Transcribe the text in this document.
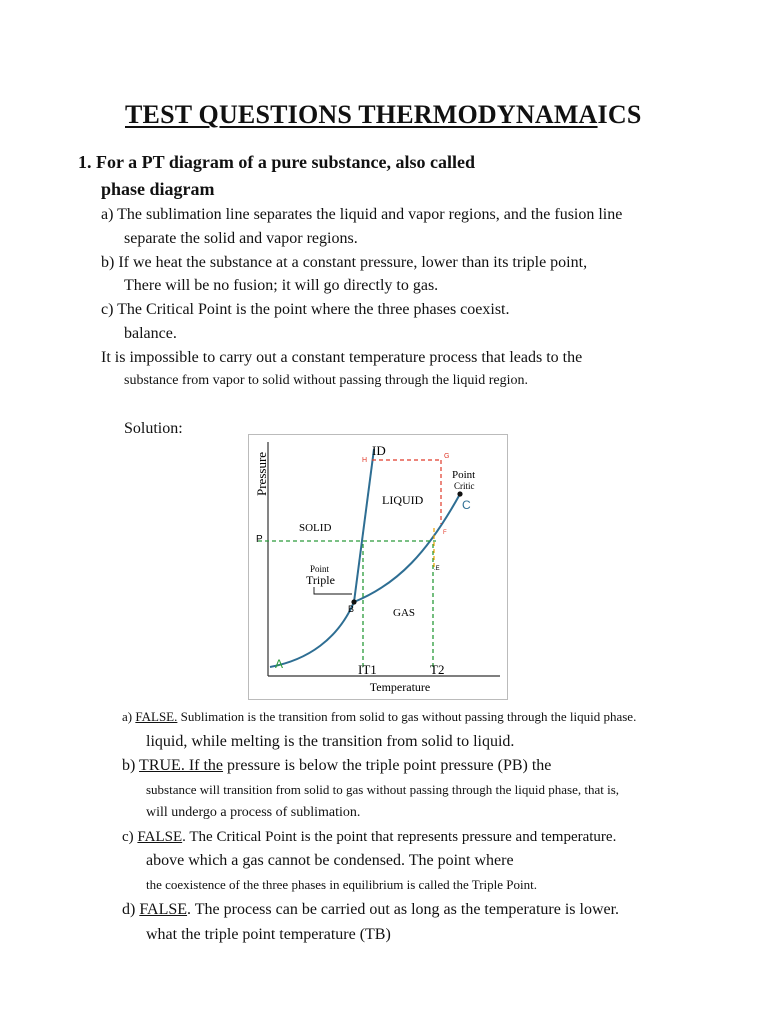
TEST QUESTIONS THERMODYNAMAICS
1. For a PT diagram of a pure substance, also called
phase diagram
a) The sublimation line separates the liquid and vapor regions, and the fusion line
separate the solid and vapor regions.
b) If we heat the substance at a constant pressure, lower than its triple point,
There will be no fusion; it will go directly to gas.
c) The Critical Point is the point where the three phases coexist.
balance.
It is impossible to carry out a constant temperature process that leads to the
substance from vapor to solid without passing through the liquid region.
Solution:
Pressure
Temperature
ID
H
G
Point
Critic
C
LIQUID
SOLID
P
F
.E
Point
Triple
B	GAS
A	IT1	T2
a) FALSE. Sublimation is the transition from solid to gas without passing through the liquid phase.
liquid, while melting is the transition from solid to liquid.
b) TRUE. If the pressure is below the triple point pressure (PB) the
substance will transition from solid to gas without passing through the liquid phase, that is,
will undergo a process of sublimation.
c) FALSE. The Critical Point is the point that represents pressure and temperature.
above which a gas cannot be condensed. The point where
the coexistence of the three phases in equilibrium is called the Triple Point.
d) FALSE. The process can be carried out as long as the temperature is lower.
what the triple point temperature (TB)
